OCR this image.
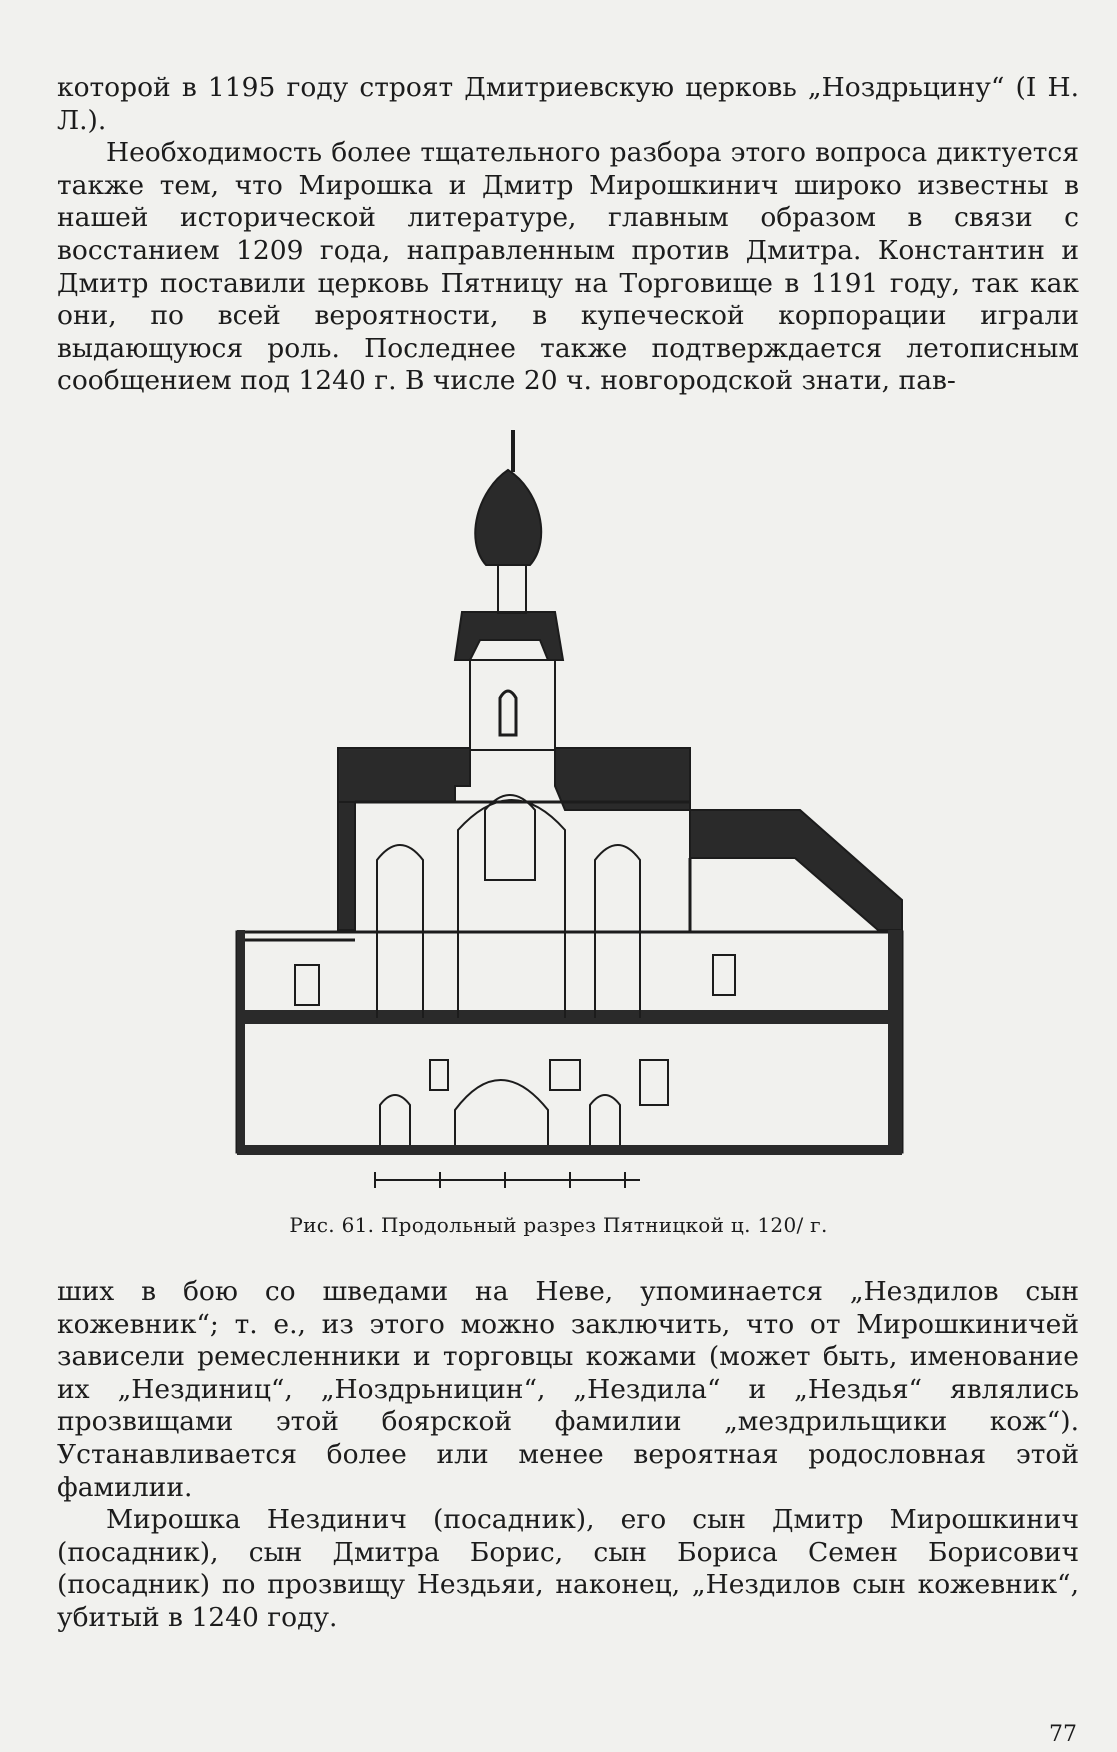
которой в 1195 году строят Дмитриевскую церковь „Ноздрьцину“ (I Н. Л.).

Необходимость более тщательного разбора этого вопроса диктуется также тем, что Мирошка и Дмитр Мирошкинич широко известны в нашей исторической литературе, главным образом в связи с восстанием 1209 года, направленным против Дмитра. Константин и Дмитр поставили церковь Пятницу на Торговище в 1191 году, так как они, по всей вероятности, в купеческой корпорации играли выдающуюся роль. Последнее также подтверждается летописным сообщением под 1240 г. В числе 20 ч. новгородской знати, пав-

Рис. 61. Продольный разрез Пятницкой ц. 120/ г.

ших в бою со шведами на Неве, упоминается „Нездилов сын кожевник“; т. е., из этого можно заключить, что от Мирошкиничей зависели ремесленники и торговцы кожами (может быть, именование их „Нездиниц“, „Ноздрьницин“, „Нездила“ и „Нездья“ являлись прозвищами этой боярской фамилии „мездрильщики кож“). Устанавливается более или менее вероятная родословная этой фамилии.

Мирошка Нездинич (посадник), его сын Дмитр Мирошкинич (посадник), сын Дмитра Борис, сын Бориса Семен Борисович (посадник) по прозвищу Нездьяи, наконец, „Нездилов сын кожевник“, убитый в 1240 году.

77
